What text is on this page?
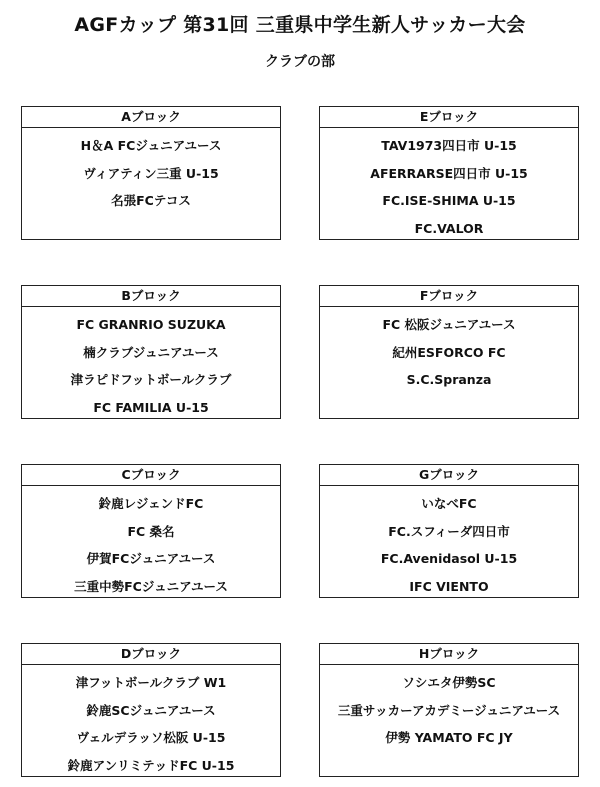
AGFカップ 第31回 三重県中学生新人サッカー大会
クラブの部
Aブロック
H＆A FCジュニアユース
ヴィアティン三重 U-15
名張FCテコス
Eブロック
TAV1973四日市 U-15
AFERRARSE四日市 U-15
FC.ISE-SHIMA U-15
FC.VALOR
Bブロック
FC GRANRIO SUZUKA
楠クラブジュニアユース
津ラピドフットボールクラブ
FC FAMILIA U-15
Fブロック
FC 松阪ジュニアユース
紀州ESFORCO FC
S.C.Spranza
Cブロック
鈴鹿レジェンドFC
FC 桑名
伊賀FCジュニアユース
三重中勢FCジュニアユース
Gブロック
いなべFC
FC.スフィーダ四日市
FC.Avenidasol U-15
IFC VIENTO
Dブロック
津フットボールクラブ W1
鈴鹿SCジュニアユース
ヴェルデラッソ松阪 U-15
鈴鹿アンリミテッドFC U-15
Hブロック
ソシエタ伊勢SC
三重サッカーアカデミージュニアユース
伊勢 YAMATO FC JY
